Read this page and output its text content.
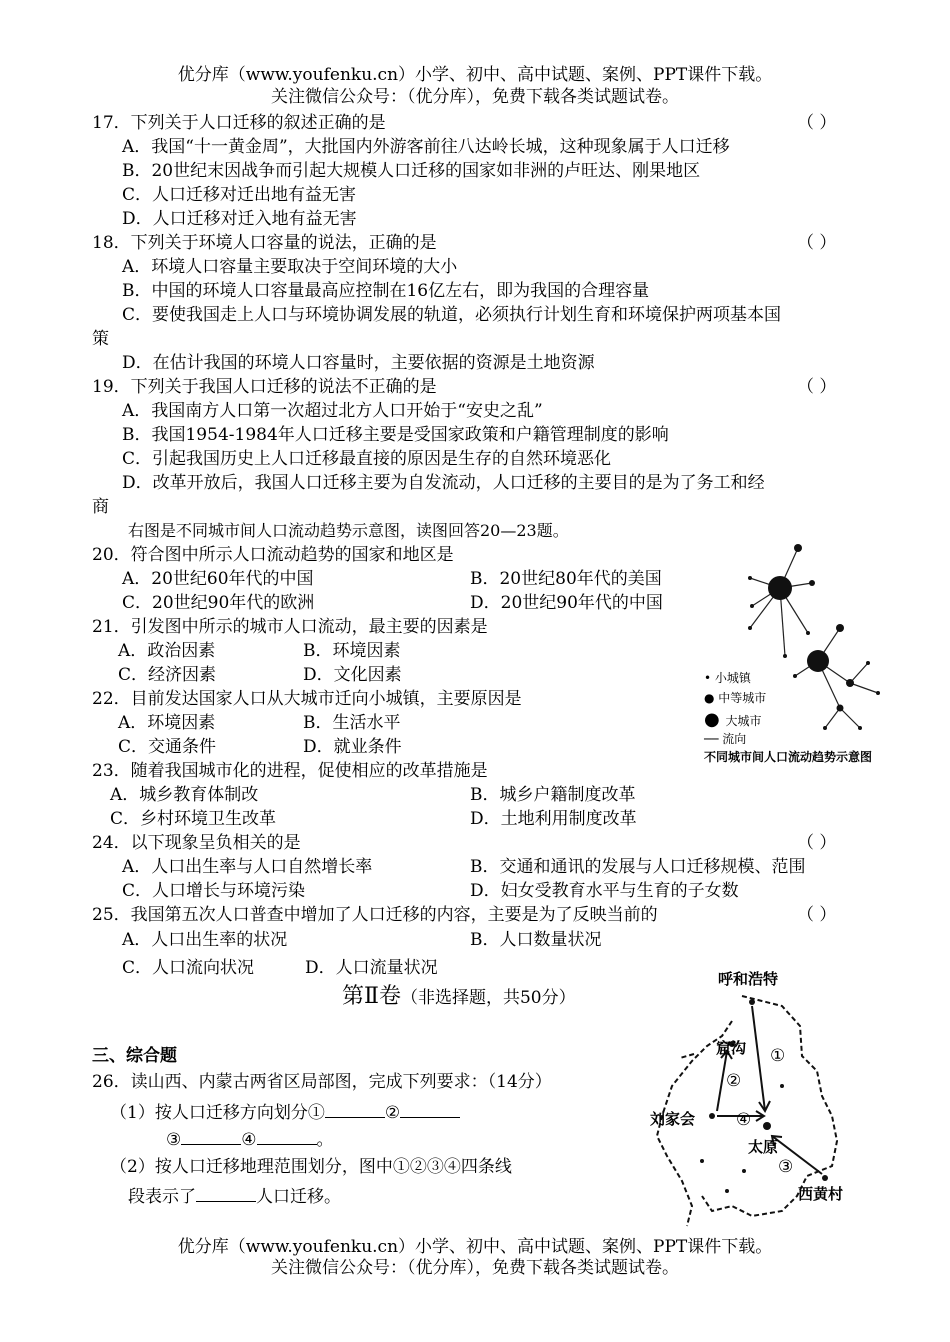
优分库（www.youfenku.cn）小学、初中、高中试题、案例、PPT课件下载。
关注微信公众号：（优分库），免费下载各类试题试卷。
17．下列关于人口迁移的叙述正确的是	（ ）
A．我国“十一黄金周”，大批国内外游客前往八达岭长城，这种现象属于人口迁移
B．20世纪末因战争而引起大规模人口迁移的国家如非洲的卢旺达、刚果地区
C．人口迁移对迁出地有益无害
D．人口迁移对迁入地有益无害
18．下列关于环境人口容量的说法，正确的是	（ ）
A．环境人口容量主要取决于空间环境的大小
B．中国的环境人口容量最高应控制在16亿左右，即为我国的合理容量
C．要使我国走上人口与环境协调发展的轨道，必须执行计划生育和环境保护两项基本国
策
D．在估计我国的环境人口容量时，主要依据的资源是土地资源
19．下列关于我国人口迁移的说法不正确的是	（ ）
A．我国南方人口第一次超过北方人口开始于“安史之乱”
B．我国1954-1984年人口迁移主要是受国家政策和户籍管理制度的影响
C．引起我国历史上人口迁移最直接的原因是生存的自然环境恶化
D．改革开放后，我国人口迁移主要为自发流动，人口迁移的主要目的是为了务工和经
商
右图是不同城市间人口流动趋势示意图，读图回答20—23题。
20．符合图中所示人口流动趋势的国家和地区是
A．20世纪60年代的中国	B．20世纪80年代的美国
C．20世纪90年代的欧洲	D．20世纪90年代的中国
21．引发图中所示的城市人口流动，最主要的因素是
A．政治因素	B．环境因素
C．经济因素	D．文化因素
22．目前发达国家人口从大城市迁向小城镇，主要原因是
A．环境因素	B．生活水平
C．交通条件	D．就业条件
23．随着我国城市化的进程，促使相应的改革措施是
A．城乡教育体制改	B．城乡户籍制度改革
C．乡村环境卫生改革	D．土地利用制度改革
24．以下现象呈负相关的是	（ ）
A．人口出生率与人口自然增长率	B．交通和通讯的发展与人口迁移规模、范围
C．人口增长与环境污染	D．妇女受教育水平与生育的子女数
25．我国第五次人口普查中增加了人口迁移的内容，主要是为了反映当前的	（ ）
A．人口出生率的状况	B．人口数量状况
C．人口流向状况	D．人口流量状况
第Ⅱ卷（非选择题，共50分）
三、综合题
26．读山西、内蒙古两省区局部图，完成下列要求：（14分）
（1）按人口迁移方向划分①	②
③	④	。
（2）按人口迁移地理范围划分，图中①②③④四条线
段表示了	人口迁移。
• 小城镇
● 中等城市
● 大城市
── 流向
不同城市间人口流动趋势示意图
呼和浩特
窟沟
刘家会
太原
西黄村
①
②
③
④
优分库（www.youfenku.cn）小学、初中、高中试题、案例、PPT课件下载。
关注微信公众号：（优分库），免费下载各类试题试卷。
